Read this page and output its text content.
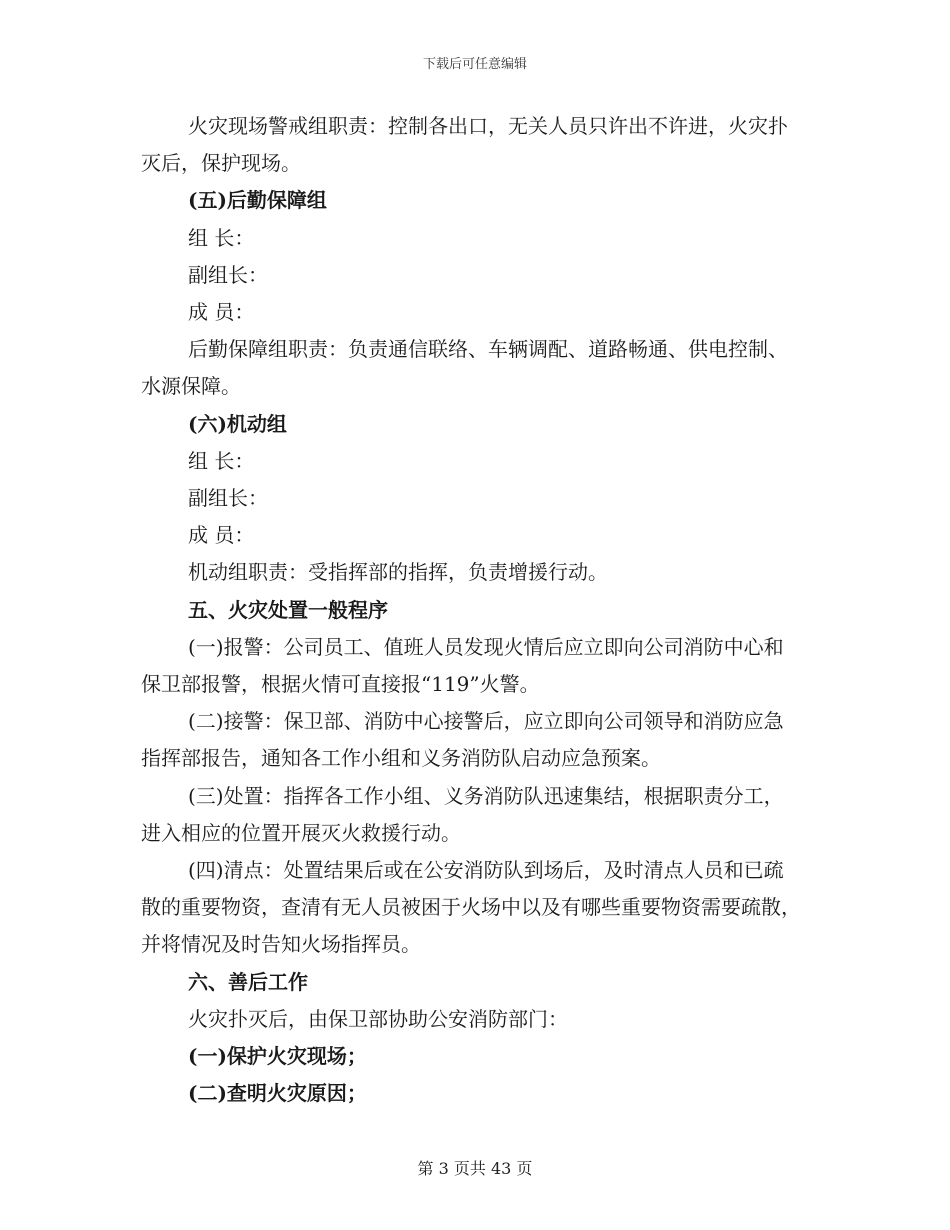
下载后可任意编辑

火灾现场警戒组职责：控制各出口，无关人员只许出不许进，火灾扑灭后，保护现场。

(五)后勤保障组

组 长：

副组长：

成 员：

后勤保障组职责：负责通信联络、车辆调配、道路畅通、供电控制、水源保障。

(六)机动组

组 长：

副组长：

成 员：

机动组职责：受指挥部的指挥，负责增援行动。

五、火灾处置一般程序

(一)报警：公司员工、值班人员发现火情后应立即向公司消防中心和保卫部报警，根据火情可直接报“119”火警。

(二)接警：保卫部、消防中心接警后，应立即向公司领导和消防应急指挥部报告，通知各工作小组和义务消防队启动应急预案。

(三)处置：指挥各工作小组、义务消防队迅速集结，根据职责分工，进入相应的位置开展灭火救援行动。

(四)清点：处置结果后或在公安消防队到场后，及时清点人员和已疏散的重要物资，查清有无人员被困于火场中以及有哪些重要物资需要疏散，并将情况及时告知火场指挥员。

六、善后工作

火灾扑灭后，由保卫部协助公安消防部门：

(一)保护火灾现场；

(二)查明火灾原因；

第 3 页共 43 页
